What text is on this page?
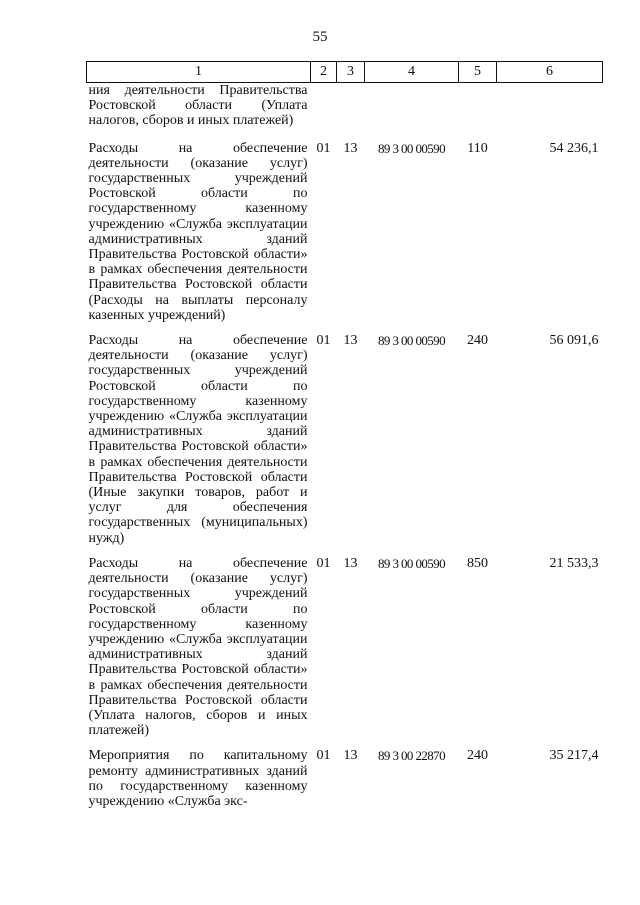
55
1	2	3	4	5	6
ния деятельности Правительства Ростовской области (Уплата налогов, сборов и иных платежей)					
Расходы на обеспечение деятельности (оказание услуг) государственных учреждений Ростовской области по государственному казенному учреждению «Служба эксплуатации административных зданий Правительства Ростовской области» в рамках обеспечения деятельности Правительства Ростовской области (Расходы на выплаты персоналу казенных учреждений)	01	13	89 3 00 00590	110	54 236,1
Расходы на обеспечение деятельности (оказание услуг) государственных учреждений Ростовской области по государственному казенному учреждению «Служба эксплуатации административных зданий Правительства Ростовской области» в рамках обеспечения деятельности Правительства Ростовской области (Иные закупки товаров, работ и услуг для обеспечения государственных (муниципальных) нужд)	01	13	89 3 00 00590	240	56 091,6
Расходы на обеспечение деятельности (оказание услуг) государственных учреждений Ростовской области по государственному казенному учреждению «Служба эксплуатации административных зданий Правительства Ростовской области» в рамках обеспечения деятельности Правительства Ростовской области (Уплата налогов, сборов и иных платежей)	01	13	89 3 00 00590	850	21 533,3
Мероприятия по капитальному ремонту административных зданий по государственному казенному учреждению «Служба экс-	01	13	89 3 00 22870	240	35 217,4
